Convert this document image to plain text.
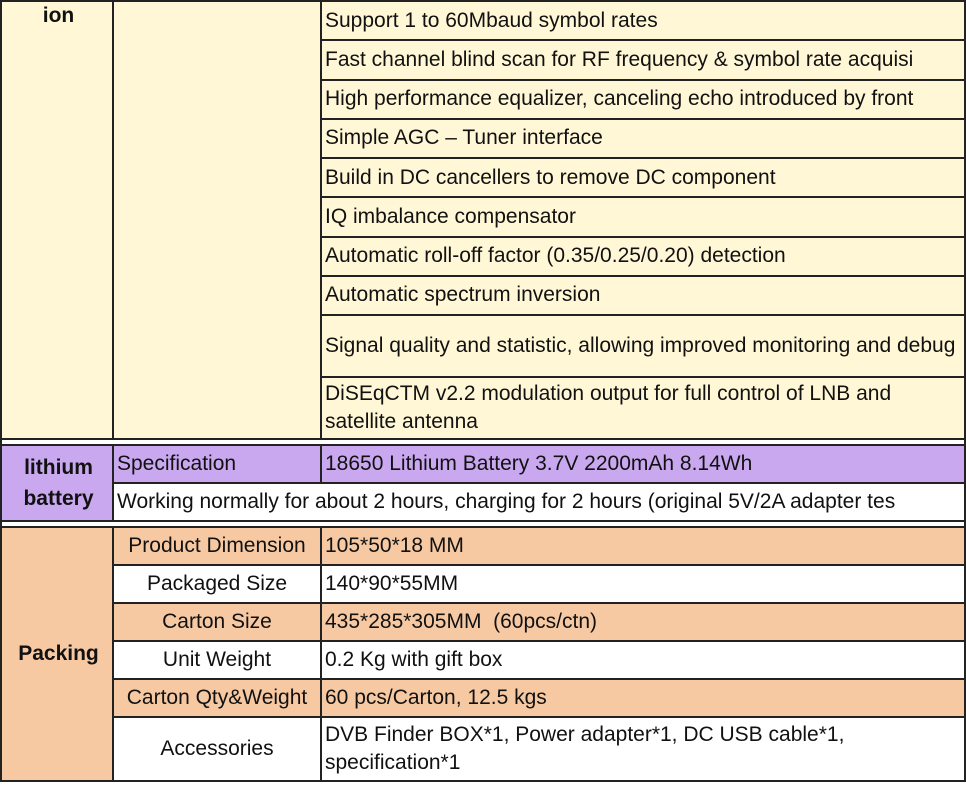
ion		Support 1 to 60Mbaud symbol rates
		Fast channel blind scan for RF frequency & symbol rate acquisi
		High performance equalizer, canceling echo introduced by front
		Simple AGC – Tuner interface
		Build in DC cancellers to remove DC component
		IQ imbalance compensator
		Automatic roll-off factor (0.35/0.25/0.20) detection
		Automatic spectrum inversion
		Signal quality and statistic, allowing improved monitoring and debug
		DiSEqCTM v2.2 modulation output for full control of LNB and satellite antenna

lithium battery	Specification	18650 Lithium Battery 3.7V 2200mAh 8.14Wh
	Working normally for about 2 hours, charging for 2 hours (original 5V/2A adapter tes	

Packing	Product Dimension	105*50*18 MM
	Packaged Size	140*90*55MM
	Carton Size	435*285*305MM  (60pcs/ctn)
	Unit Weight	0.2 Kg with gift box
	Carton Qty&Weight	60 pcs/Carton, 12.5 kgs
	Accessories	DVB Finder BOX*1, Power adapter*1, DC USB cable*1, specification*1
